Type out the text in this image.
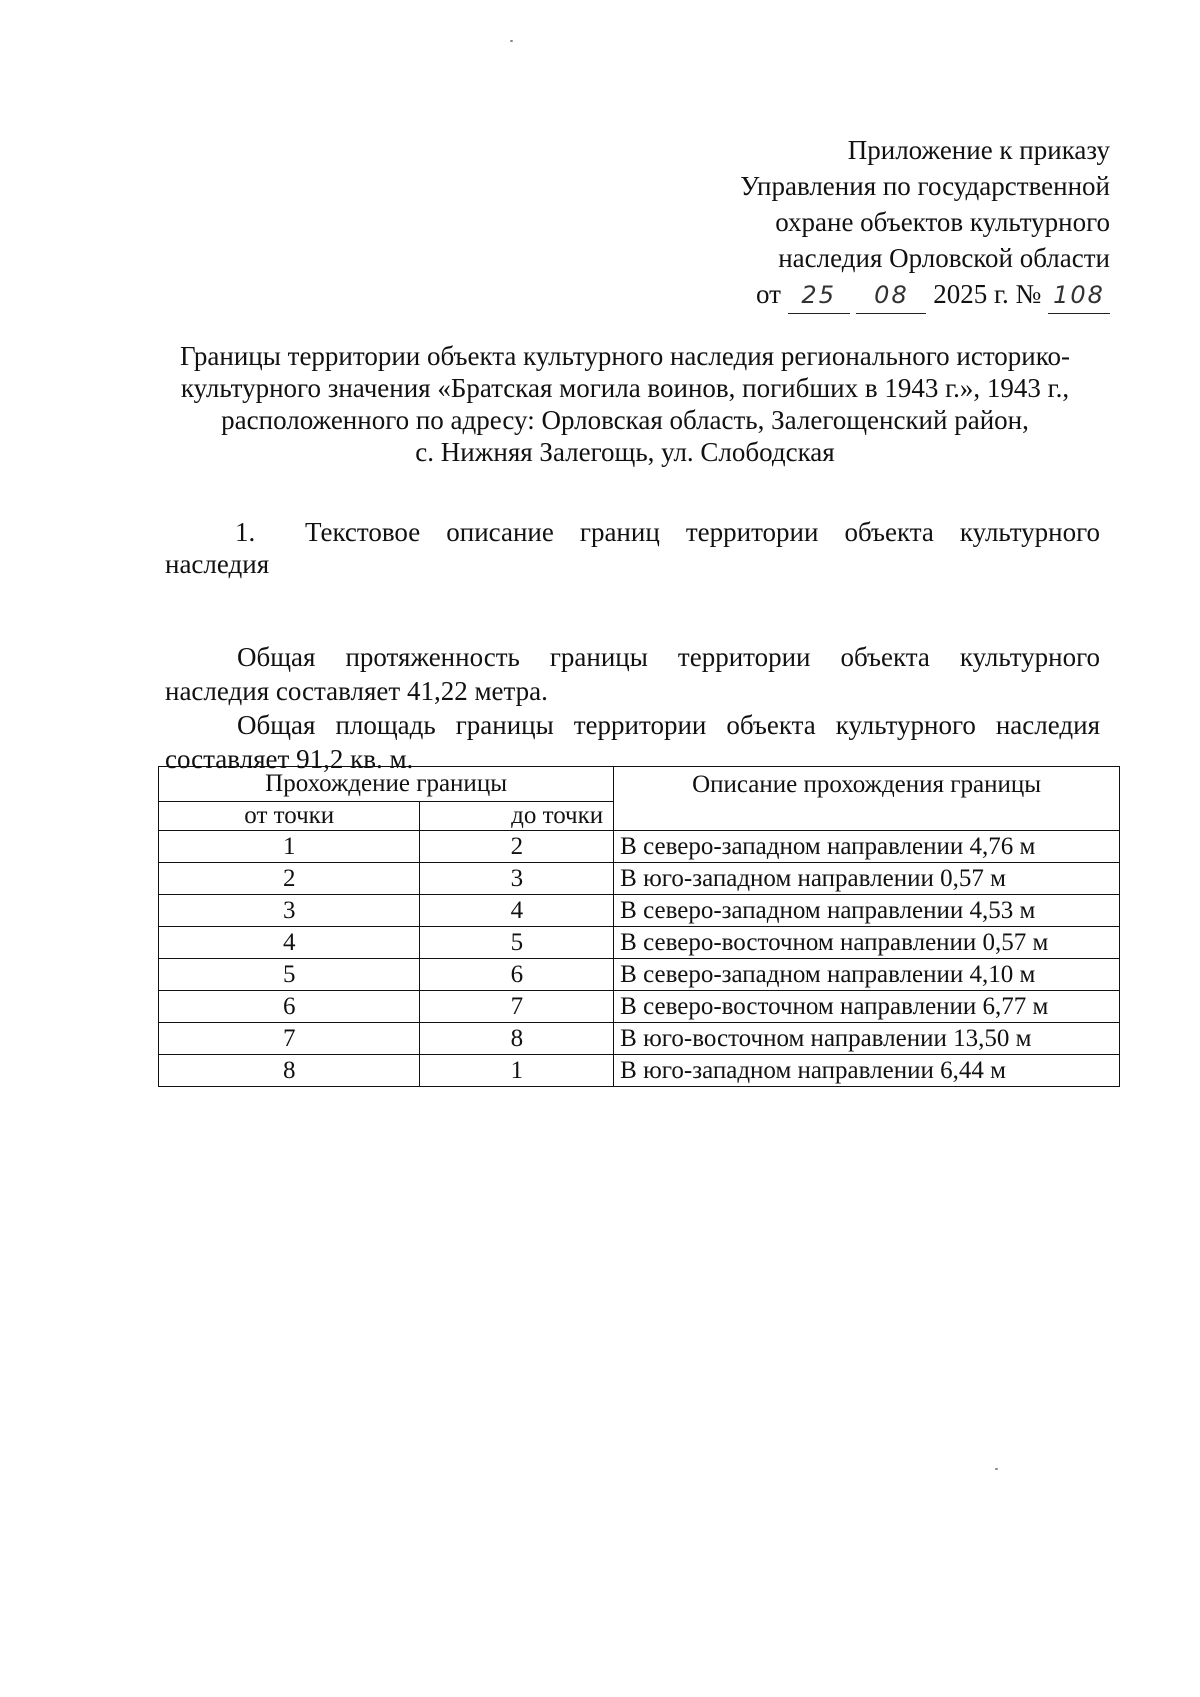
Приложение к приказу
Управления по государственной
охране объектов культурного
наследия Орловской области
от 25 08 2025 г. № 108
Границы территории объекта культурного наследия регионального историко-
культурного значения «Братская могила воинов, погибших в 1943 г.», 1943 г.,
расположенного по адресу: Орловская область, Залегощенский район,
с. Нижняя Залегощь, ул. Слободская
1.	Текстовое описание границ территории объекта культурного
наследия
Общая протяженность границы территории объекта культурного
наследия составляет 41,22 метра.
Общая площадь границы территории объекта культурного наследия
составляет 91,2 кв. м.
Прохождение границы		Описание прохождения границы
от точки	до точки	
1	2	В северо-западном направлении 4,76 м
2	3	В юго-западном направлении 0,57 м
3	4	В северо-западном направлении 4,53 м
4	5	В северо-восточном направлении 0,57 м
5	6	В северо-западном направлении 4,10 м
6	7	В северо-восточном направлении 6,77 м
7	8	В юго-восточном направлении 13,50 м
8	1	В юго-западном направлении 6,44 м
